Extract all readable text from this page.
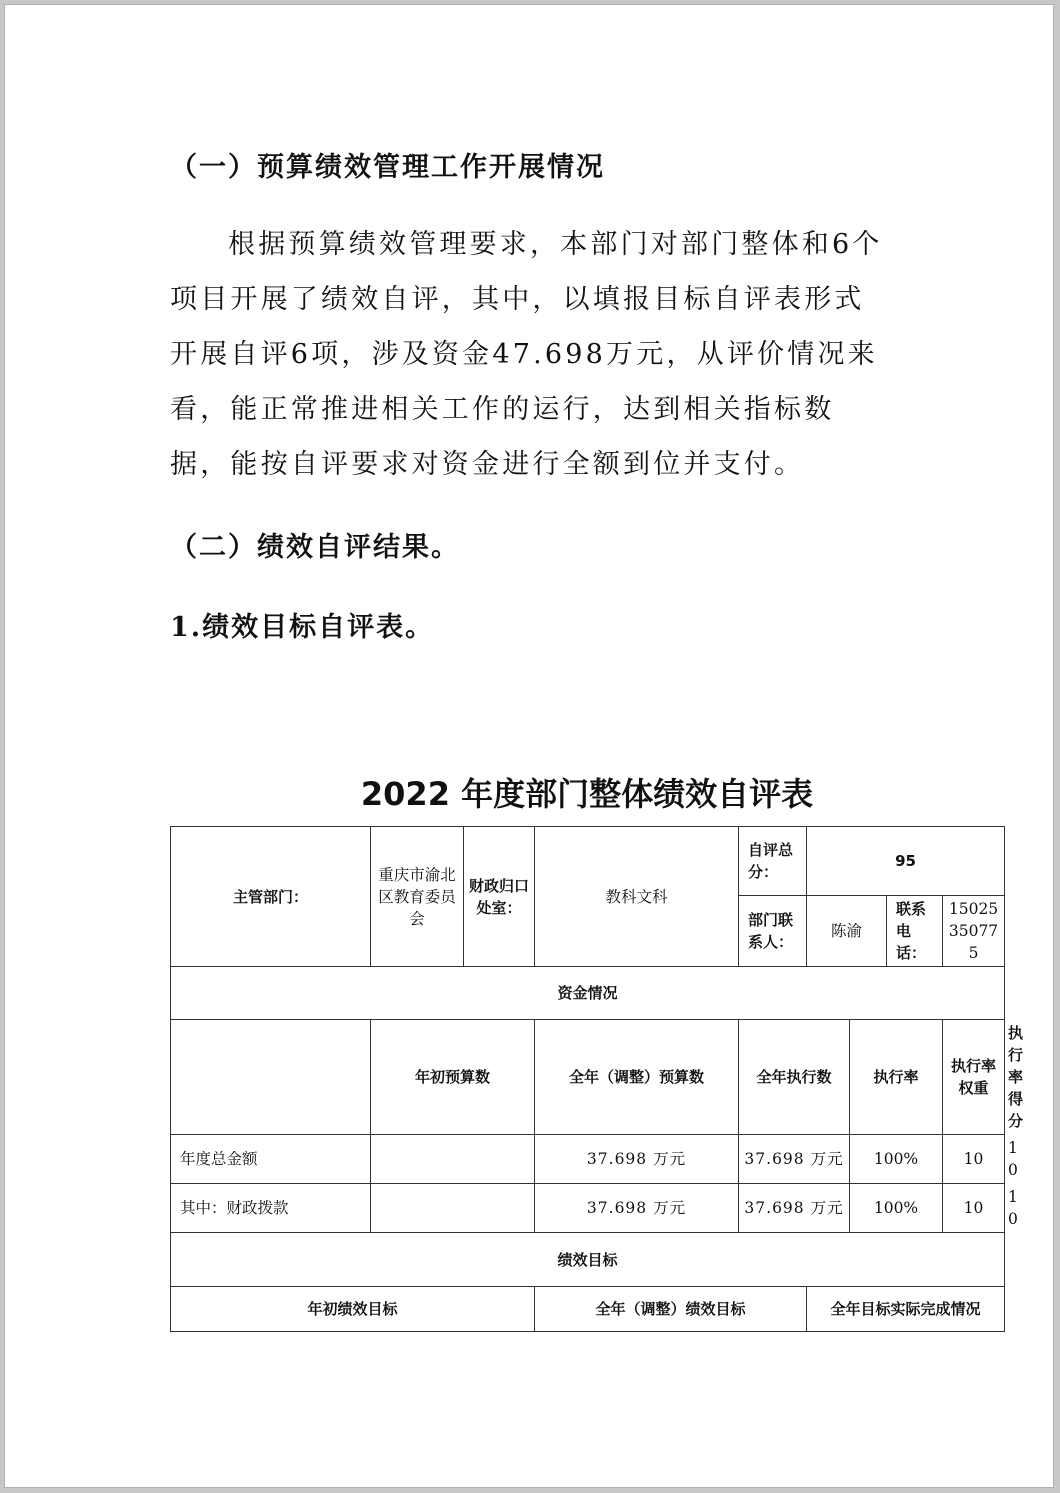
（一）预算绩效管理工作开展情况

根据预算绩效管理要求，本部门对部门整体和6个项目开展了绩效自评，其中，以填报目标自评表形式开展自评6项，涉及资金47.698万元，从评价情况来看，能正常推进相关工作的运行，达到相关指标数据，能按自评要求对资金进行全额到位并支付。

（二）绩效自评结果。

1.绩效目标自评表。

2022 年度部门整体绩效自评表

主管部门：	重庆市渝北区教育委员会	财政归口处室：	教科文科	自评总分：	95				
				部门联系人：	陈渝		联系电话：	15025350775	
资金情况									
	年初预算数		全年（调整）预算数	全年执行数		执行率		执行率权重	执行率得分
年度总金额			37.698 万元	37.698 万元		100%		10	10
其中：财政拨款			37.698 万元	37.698 万元		100%		10	10
绩效目标									
年初绩效目标			全年（调整）绩效目标		全年目标实际完成情况				
